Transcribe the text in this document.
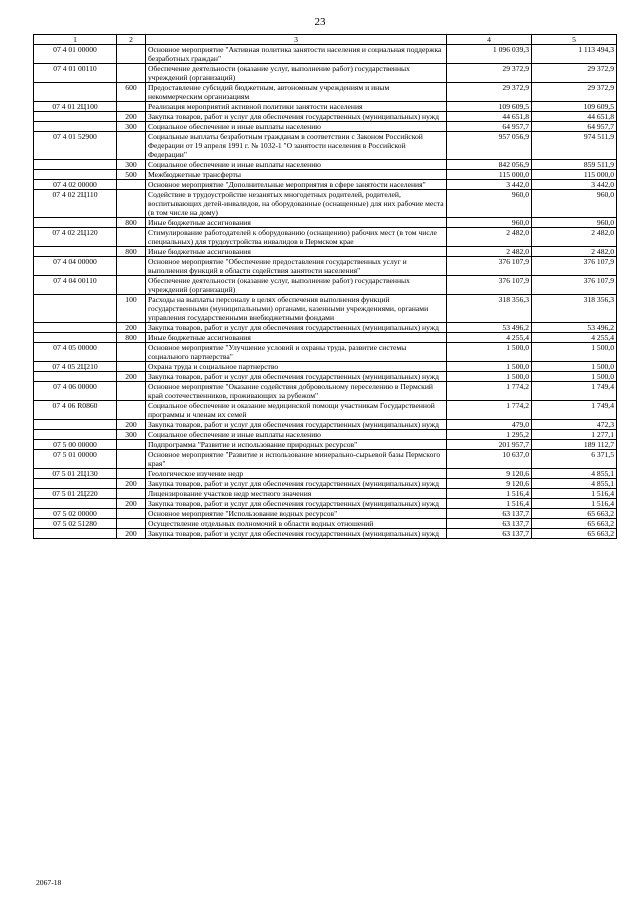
23
1	2	3	4	5
07 4 01 00000		Основное мероприятие "Активная политика занятости населения и социальная поддержка безработных граждан"	1 096 039,3	1 113 494,3
07 4 01 00110		Обеспечение деятельности (оказание услуг, выполнение работ) государственных учреждений (организаций)	29 372,9	29 372,9
	600	Предоставление субсидий бюджетным, автономным учреждениям и иным некоммерческим организациям	29 372,9	29 372,9
07 4 01 2Ц100		Реализация мероприятий активной политики занятости населения	109 609,5	109 609,5
	200	Закупка товаров, работ и услуг для обеспечения государственных (муниципальных) нужд	44 651,8	44 651,8
	300	Социальное обеспечение и иные выплаты населению	64 957,7	64 957,7
07 4 01 52900		Социальные выплаты безработным гражданам в соответствии с Законом Российской Федерации от 19 апреля 1991 г. № 1032-1 "О занятости населения в Российской Федерации"	957 056,9	974 511,9
	300	Социальное обеспечение и иные выплаты населению	842 056,9	859 511,9
	500	Межбюджетные трансферты	115 000,0	115 000,0
07 4 02 00000		Основное мероприятие "Дополнительные мероприятия в сфере занятости населения"	3 442,0	3 442,0
07 4 02 2Ц110		Содействие в трудоустройстве незанятых многодетных родителей, родителей, воспитывающих детей-инвалидов, на оборудованные (оснащенные) для них рабочие места (в том числе на дому)	960,0	960,0
	800	Иные бюджетные ассигнования	960,0	960,0
07 4 02 2Ц120		Стимулирование работодателей к оборудованию (оснащению) рабочих мест (в том числе специальных) для трудоустройства инвалидов в Пермском крае	2 482,0	2 482,0
	800	Иные бюджетные ассигнования	2 482,0	2 482,0
07 4 04 00000		Основное мероприятие "Обеспечение предоставления государственных услуг и выполнения функций в области содействия занятости населения"	376 107,9	376 107,9
07 4 04 00110		Обеспечение деятельности (оказание услуг, выполнение работ) государственных учреждений (организаций)	376 107,9	376 107,9
	100	Расходы на выплаты персоналу в целях обеспечения выполнения функций государственными (муниципальными) органами, казенными учреждениями, органами управления государственными внебюджетными фондами	318 356,3	318 356,3
	200	Закупка товаров, работ и услуг для обеспечения государственных (муниципальных) нужд	53 496,2	53 496,2
	800	Иные бюджетные ассигнования	4 255,4	4 255,4
07 4 05 00000		Основное мероприятие "Улучшение условий и охраны труда, развитие системы социального партнерства"	1 500,0	1 500,0
07 4 05 2Ц210		Охрана труда и социальное партнерство	1 500,0	1 500,0
	200	Закупка товаров, работ и услуг для обеспечения государственных (муниципальных) нужд	1 500,0	1 500,0
07 4 06 00000		Основное мероприятие "Оказание содействия добровольному переселению в Пермский край соотечественников, проживающих за рубежом"	1 774,2	1 749,4
07 4 06 R0860		Социальное обеспечение и оказание медицинской помощи участникам Государственной программы и членам их семей	1 774,2	1 749,4
	200	Закупка товаров, работ и услуг для обеспечения государственных (муниципальных) нужд	479,0	472,3
	300	Социальное обеспечение и иные выплаты населению	1 295,2	1 277,1
07 5 00 00000		Подпрограмма "Развитие и использование природных ресурсов"	201 957,7	189 112,7
07 5 01 00000		Основное мероприятие "Развитие и использование минерально-сырьевой базы Пермского края"	10 637,0	6 371,5
07 5 01 2Ц130		Геологическое изучение недр	9 120,6	4 855,1
	200	Закупка товаров, работ и услуг для обеспечения государственных (муниципальных) нужд	9 120,6	4 855,1
07 5 01 2Ц220		Лицензирование участков недр местного значения	1 516,4	1 516,4
	200	Закупка товаров, работ и услуг для обеспечения государственных (муниципальных) нужд	1 516,4	1 516,4
07 5 02 00000		Основное мероприятие "Использование водных ресурсов"	63 137,7	65 663,2
07 5 02 51280		Осуществление отдельных полномочий в области водных отношений	63 137,7	65 663,2
	200	Закупка товаров, работ и услуг для обеспечения государственных (муниципальных) нужд	63 137,7	65 663,2
2067-18
